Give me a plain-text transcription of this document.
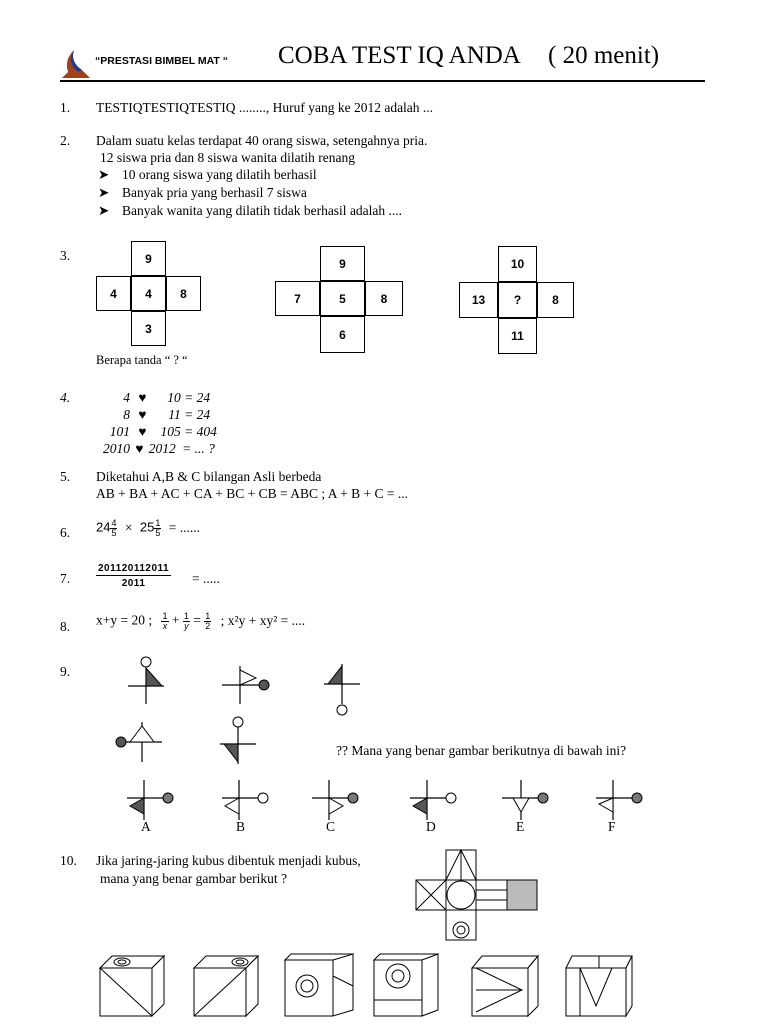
“PRESTASI BIMBEL MAT “ COBA TEST IQ ANDA ( 20 menit)
1. TESTIQTESTIQTESTIQ ........, Huruf yang ke 2012 adalah ...
2. Dalam suatu kelas terdapat 40 orang siswa, setengahnya pria.
12 siswa pria dan 8 siswa wanita dilatih renang
➤ 10 orang siswa yang dilatih berhasil
➤ Banyak pria yang berhasil 7 siswa
➤ Banyak wanita yang dilatih tidak berhasil adalah ....
3.	9
4	4	8
3
9
7	5	8
6
10
13	?	8
11
Berapa tanda “ ? “
4.	4 ♥ 10 = 24
8 ♥ 11 = 24
101 ♥ 105 = 404
2010 ♥ 2012 = ... ?
5. Diketahui A,B & C bilangan Asli berbeda
AB + BA + AC + CA + BC + CB = ABC ; A + B + C = ...
6. $24 \frac{4}{5} \times 25 \frac{1}{5}$ = ......
7.	$\frac{201120112011}{2011}$ = .....
8. x+y = 20 ; $\frac{1}{x} + \frac{1}{y} = \frac{1}{2}$ ; x²y + xy² = ....
9.
?? Mana yang benar gambar berikutnya di bawah ini?
A	B	C	D	E	F
10. Jika jaring-jaring kubus dibentuk menjadi kubus,
mana yang benar gambar berikut ?
